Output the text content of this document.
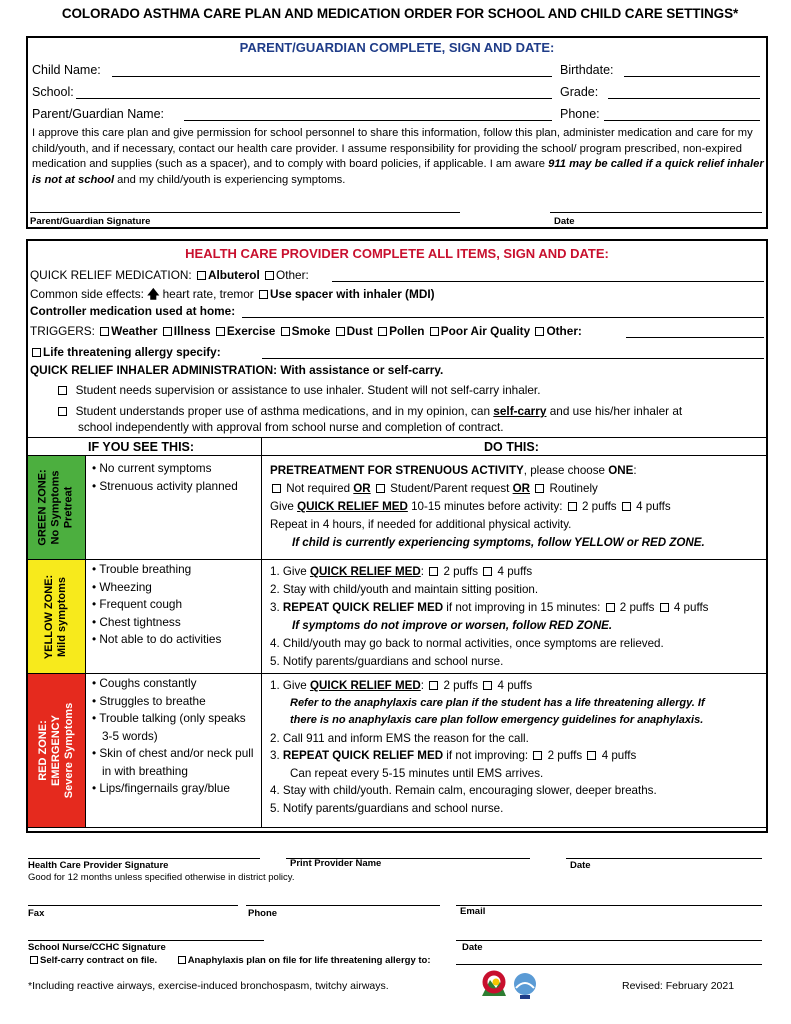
COLORADO ASTHMA CARE PLAN AND MEDICATION ORDER FOR SCHOOL AND CHILD CARE SETTINGS*
PARENT/GUARDIAN COMPLETE, SIGN AND DATE:
Child Name:	Birthdate:
School:	Grade:
Parent/Guardian Name:	Phone:
I approve this care plan and give permission for school personnel to share this information, follow this plan, administer medication and care for my child/youth, and if necessary, contact our health care provider. I assume responsibility for providing the school/ program prescribed, non-expired medication and supplies (such as a spacer), and to comply with board policies, if applicable. I am aware 911 may be called if a quick relief inhaler is not at school and my child/youth is experiencing symptoms.
Parent/Guardian Signature	Date
HEALTH CARE PROVIDER COMPLETE ALL ITEMS, SIGN AND DATE:
QUICK RELIEF MEDICATION: Albuterol Other:
Common side effects: 🡅 heart rate, tremor Use spacer with inhaler (MDI)
Controller medication used at home:
TRIGGERS: Weather Illness Exercise Smoke Dust Pollen Poor Air Quality Other:
Life threatening allergy specify:
QUICK RELIEF INHALER ADMINISTRATION: With assistance or self-carry.
Student needs supervision or assistance to use inhaler. Student will not self-carry inhaler.
Student understands proper use of asthma medications, and in my opinion, can self-carry and use his/her inhaler at
school independently with approval from school nurse and completion of contract.
IF YOU SEE THIS:	DO THIS:
GREEN ZONE: No Symptoms Pretreat
• No current symptoms
• Strenuous activity planned
PRETREATMENT FOR STRENUOUS ACTIVITY, please choose ONE:
Not required OR Student/Parent request OR Routinely
Give QUICK RELIEF MED 10-15 minutes before activity: 2 puffs 4 puffs
Repeat in 4 hours, if needed for additional physical activity.
If child is currently experiencing symptoms, follow YELLOW or RED ZONE.
YELLOW ZONE: Mild symptoms
• Trouble breathing
• Wheezing
• Frequent cough
• Chest tightness
• Not able to do activities
1. Give QUICK RELIEF MED: 2 puffs 4 puffs
2. Stay with child/youth and maintain sitting position.
3. REPEAT QUICK RELIEF MED if not improving in 15 minutes: 2 puffs 4 puffs
If symptoms do not improve or worsen, follow RED ZONE.
4. Child/youth may go back to normal activities, once symptoms are relieved.
5. Notify parents/guardians and school nurse.
RED ZONE: EMERGENCY Severe Symptoms
• Coughs constantly
• Struggles to breathe
• Trouble talking (only speaks 3-5 words)
• Skin of chest and/or neck pull in with breathing
• Lips/fingernails gray/blue
1. Give QUICK RELIEF MED: 2 puffs 4 puffs
Refer to the anaphylaxis care plan if the student has a life threatening allergy. If
there is no anaphylaxis care plan follow emergency guidelines for anaphylaxis.
2. Call 911 and inform EMS the reason for the call.
3. REPEAT QUICK RELIEF MED if not improving: 2 puffs 4 puffs
Can repeat every 5-15 minutes until EMS arrives.
4. Stay with child/youth. Remain calm, encouraging slower, deeper breaths.
5. Notify parents/guardians and school nurse.
Health Care Provider Signature	Print Provider Name	Date
Good for 12 months unless specified otherwise in district policy.
Fax	Phone	Email
School Nurse/CCHC Signature	Date
Self-carry contract on file.	Anaphylaxis plan on file for life threatening allergy to:
*Including reactive airways, exercise-induced bronchospasm, twitchy airways.	Revised: February 2021
